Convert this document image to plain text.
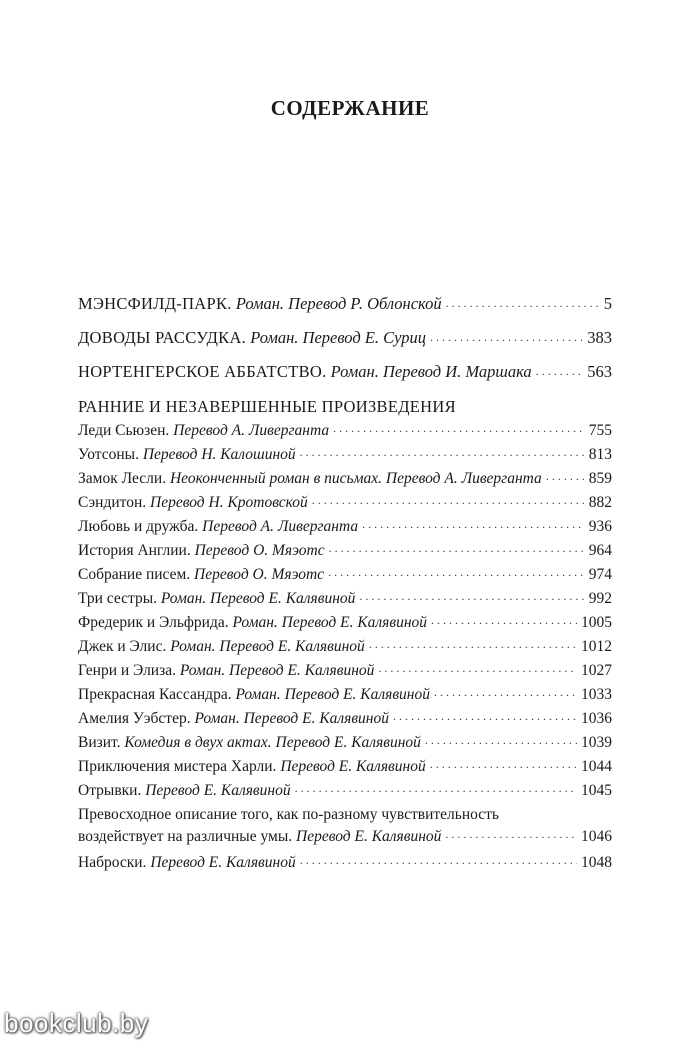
СОДЕРЖАНИЕ
МЭНСФИЛД-ПАРК. Роман. Перевод Р. Облонской . . .	5
ДОВОДЫ РАССУДКА. Роман. Перевод Е. Суриц . . .	383
НОРТЕНГЕРСКОЕ АББАТСТВО. Роман. Перевод И. Маршака . . .	563
РАННИЕ И НЕЗАВЕРШЕННЫЕ ПРОИЗВЕДЕНИЯ
Леди Сьюзен. Перевод А. Ливерганта . . .	755
Уотсоны. Перевод Н. Калошиной . . .	813
Замок Лесли. Неоконченный роман в письмах. Перевод А. Ливерганта . . .	859
Сэндитон. Перевод Н. Кротовской . . .	882
Любовь и дружба. Перевод А. Ливерганта . . .	936
История Англии. Перевод О. Мяэотс . . .	964
Собрание писем. Перевод О. Мяэотс . . .	974
Три сестры. Роман. Перевод Е. Калявиной . . .	992
Фредерик и Эльфрида. Роман. Перевод Е. Калявиной . . .	1005
Джек и Элис. Роман. Перевод Е. Калявиной . . .	1012
Генри и Элиза. Роман. Перевод Е. Калявиной . . .	1027
Прекрасная Кассандра. Роман. Перевод Е. Калявиной . . .	1033
Амелия Уэбстер. Роман. Перевод Е. Калявиной . . .	1036
Визит. Комедия в двух актах. Перевод Е. Калявиной . . .	1039
Приключения мистера Харли. Перевод Е. Калявиной . . .	1044
Отрывки. Перевод Е. Калявиной . . .	1045
Превосходное описание того, как по-разному чувствительность
воздействует на различные умы. Перевод Е. Калявиной . . .	1046
Наброски. Перевод Е. Калявиной . . .	1048
bookclub.by
